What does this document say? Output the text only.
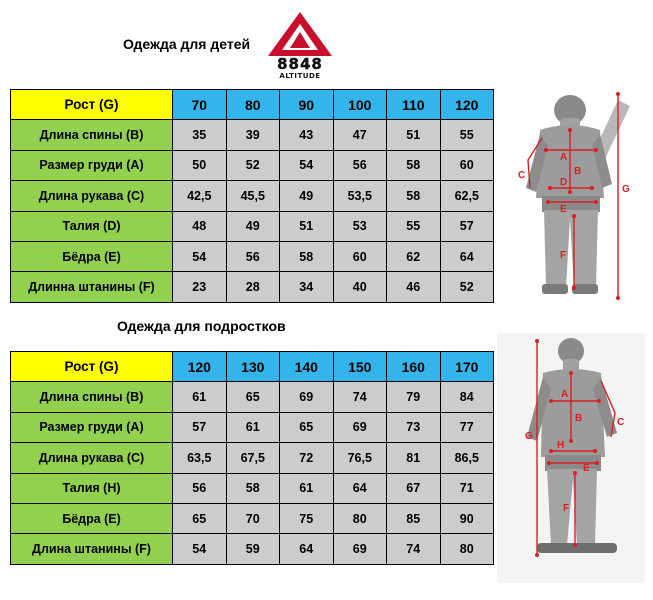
Одежда для детей
8848
ALTITUDE
Рост (G)	70	80	90	100	110	120
Длина спины (B)	35	39	43	47	51	55
Размер груди (A)	50	52	54	56	58	60
Длина рукава (C)	42,5	45,5	49	53,5	58	62,5
Талия (D)	48	49	51	53	55	57
Бёдра (E)	54	56	58	60	62	64
Длинна штанины (F)	23	28	34	40	46	52
A
B
C
D
E
F
G
Одежда для подростков
Рост (G)	120	130	140	150	160	170
Длина спины (B)	61	65	69	74	79	84
Размер груди (A)	57	61	65	69	73	77
Длина рукава (C)	63,5	67,5	72	76,5	81	86,5
Талия (H)	56	58	61	64	67	71
Бёдра (E)	65	70	75	80	85	90
Длина штанины (F)	54	59	64	69	74	80
A
B	C
G
H
E
F
